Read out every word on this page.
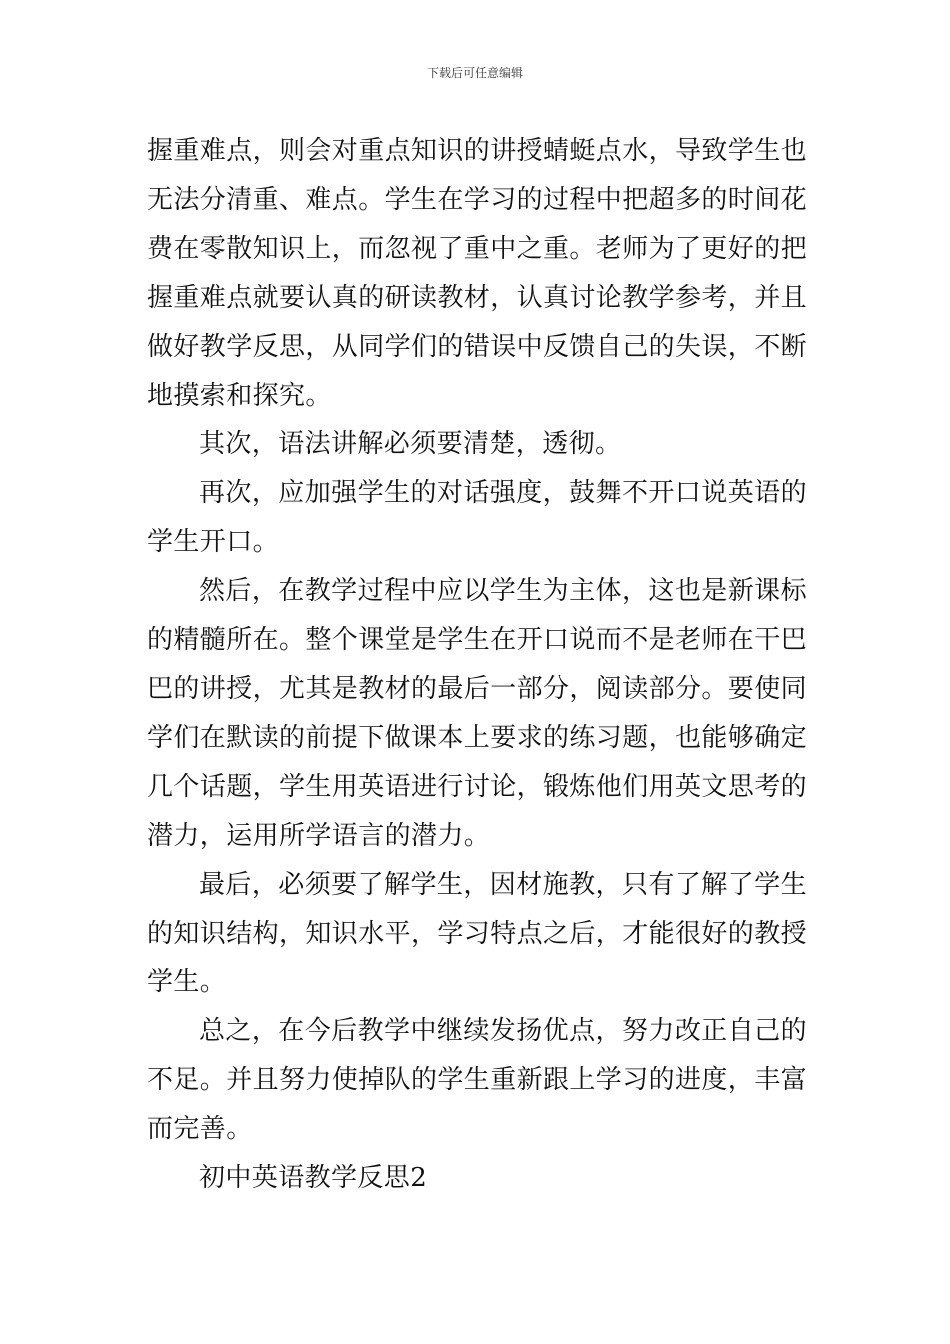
下载后可任意编辑

握重难点，则会对重点知识的讲授蜻蜓点水，导致学生也无法分清重、难点。学生在学习的过程中把超多的时间花费在零散知识上，而忽视了重中之重。老师为了更好的把握重难点就要认真的研读教材，认真讨论教学参考，并且做好教学反思，从同学们的错误中反馈自己的失误，不断地摸索和探究。

其次，语法讲解必须要清楚，透彻。

再次，应加强学生的对话强度，鼓舞不开口说英语的学生开口。

然后，在教学过程中应以学生为主体，这也是新课标的精髓所在。整个课堂是学生在开口说而不是老师在干巴巴的讲授，尤其是教材的最后一部分，阅读部分。要使同学们在默读的前提下做课本上要求的练习题，也能够确定几个话题，学生用英语进行讨论，锻炼他们用英文思考的潜力，运用所学语言的潜力。

最后，必须要了解学生，因材施教，只有了解了学生的知识结构，知识水平，学习特点之后，才能很好的教授学生。

总之，在今后教学中继续发扬优点，努力改正自己的不足。并且努力使掉队的学生重新跟上学习的进度，丰富而完善。

初中英语教学反思2
